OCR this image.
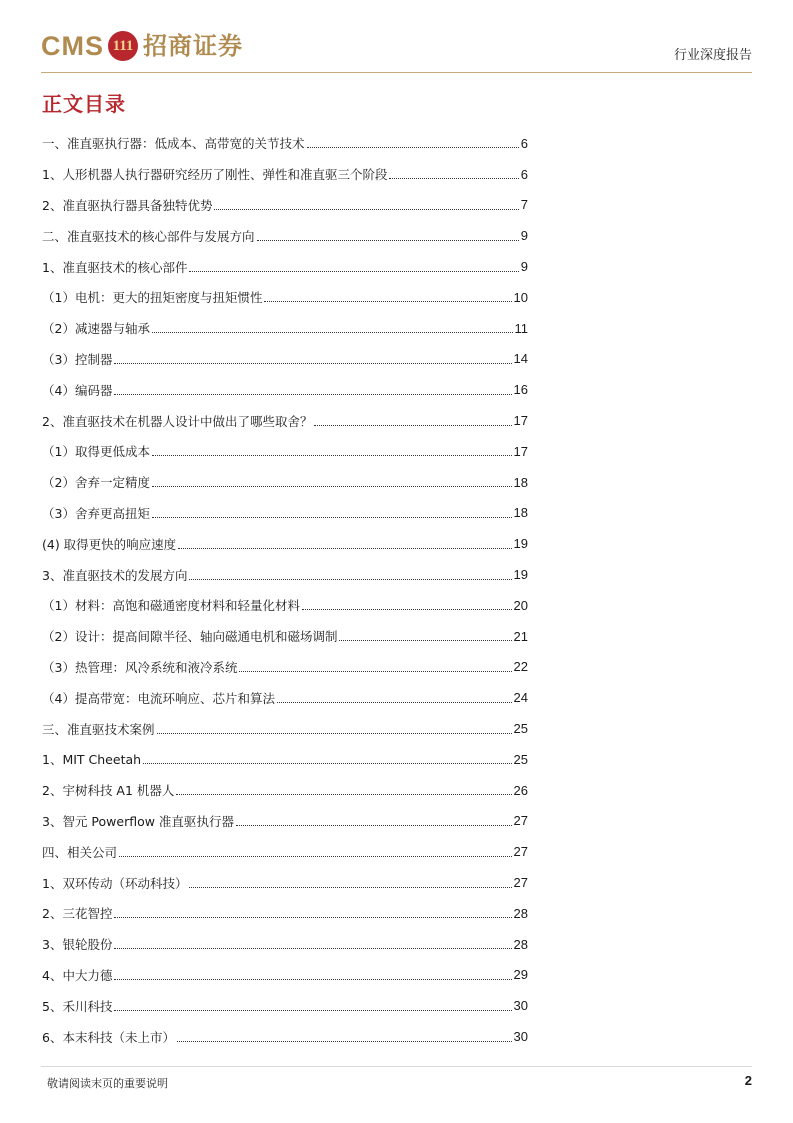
CMS 111 招商证券	行业深度报告
正文目录
一、准直驱执行器：低成本、高带宽的关节技术	6
1、人形机器人执行器研究经历了刚性、弹性和准直驱三个阶段	6
2、准直驱执行器具备独特优势	7
二、准直驱技术的核心部件与发展方向	9
1、准直驱技术的核心部件	9
（1）电机：更大的扭矩密度与扭矩惯性	10
（2）减速器与轴承	11
（3）控制器	14
（4）编码器	16
2、准直驱技术在机器人设计中做出了哪些取舍？	17
（1）取得更低成本	17
（2）舍弃一定精度	18
（3）舍弃更高扭矩	18
(4) 取得更快的响应速度	19
3、准直驱技术的发展方向	19
（1）材料：高饱和磁通密度材料和轻量化材料	20
（2）设计：提高间隙半径、轴向磁通电机和磁场调制	21
（3）热管理：风冷系统和液冷系统	22
（4）提高带宽：电流环响应、芯片和算法	24
三、准直驱技术案例	25
1、MIT Cheetah	25
2、宇树科技 A1 机器人	26
3、智元 Powerflow 准直驱执行器	27
四、相关公司	27
1、双环传动（环动科技）	27
2、三花智控	28
3、银轮股份	28
4、中大力德	29
5、禾川科技	30
6、本末科技（未上市）	30
敬请阅读末页的重要说明	2
